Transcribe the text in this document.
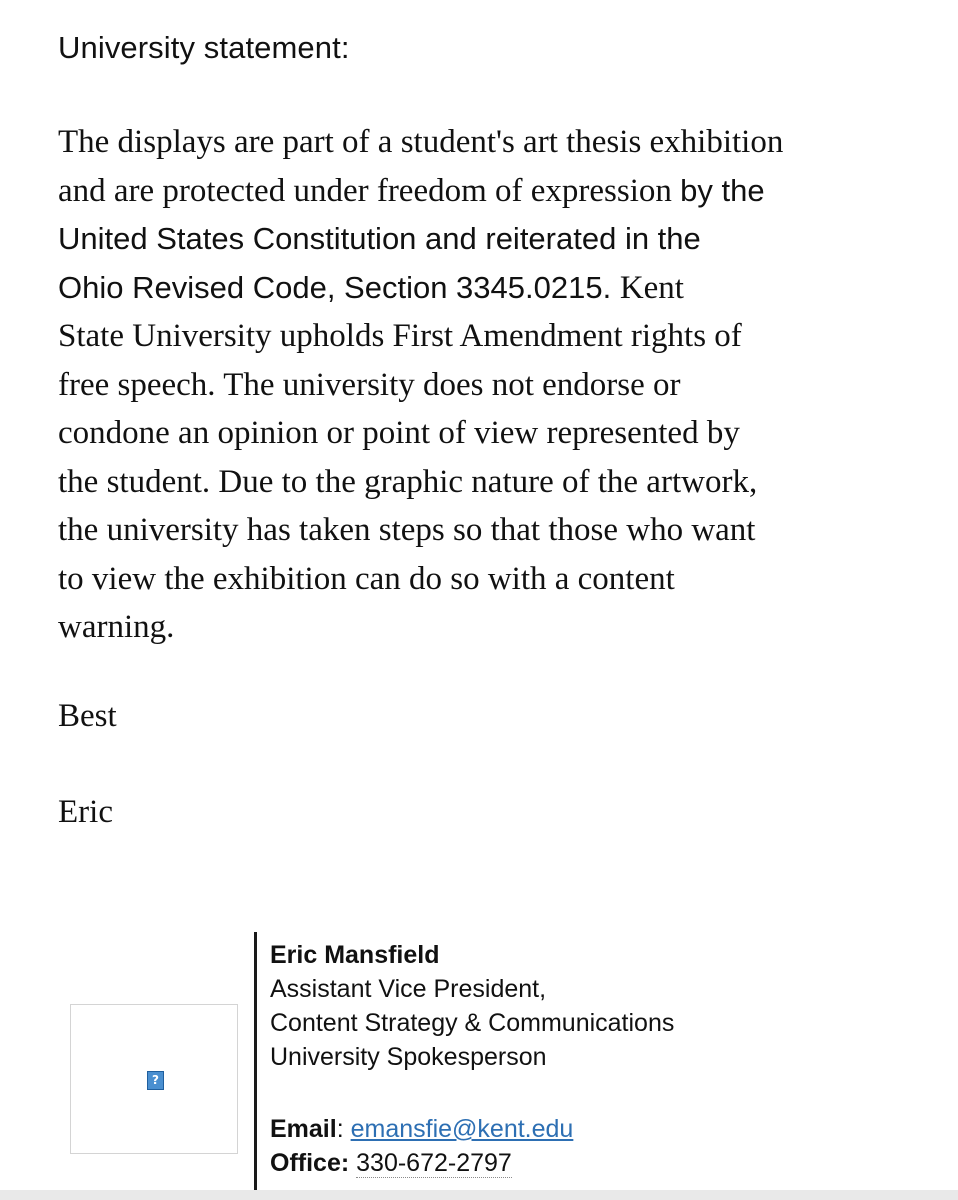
University statement:
The displays are part of a student's art thesis exhibition
and are protected under freedom of expression by the
United States Constitution and reiterated in the
Ohio Revised Code, Section 3345.0215. Kent
State University upholds First Amendment rights of
free speech. The university does not endorse or
condone an opinion or point of view represented by
the student. Due to the graphic nature of the artwork,
the university has taken steps so that those who want
to view the exhibition can do so with a content
warning.
Best
Eric
?
Eric Mansfield
Assistant Vice President,
Content Strategy & Communications
University Spokesperson
Email: emansfie@kent.edu
Office: 330-672-2797
